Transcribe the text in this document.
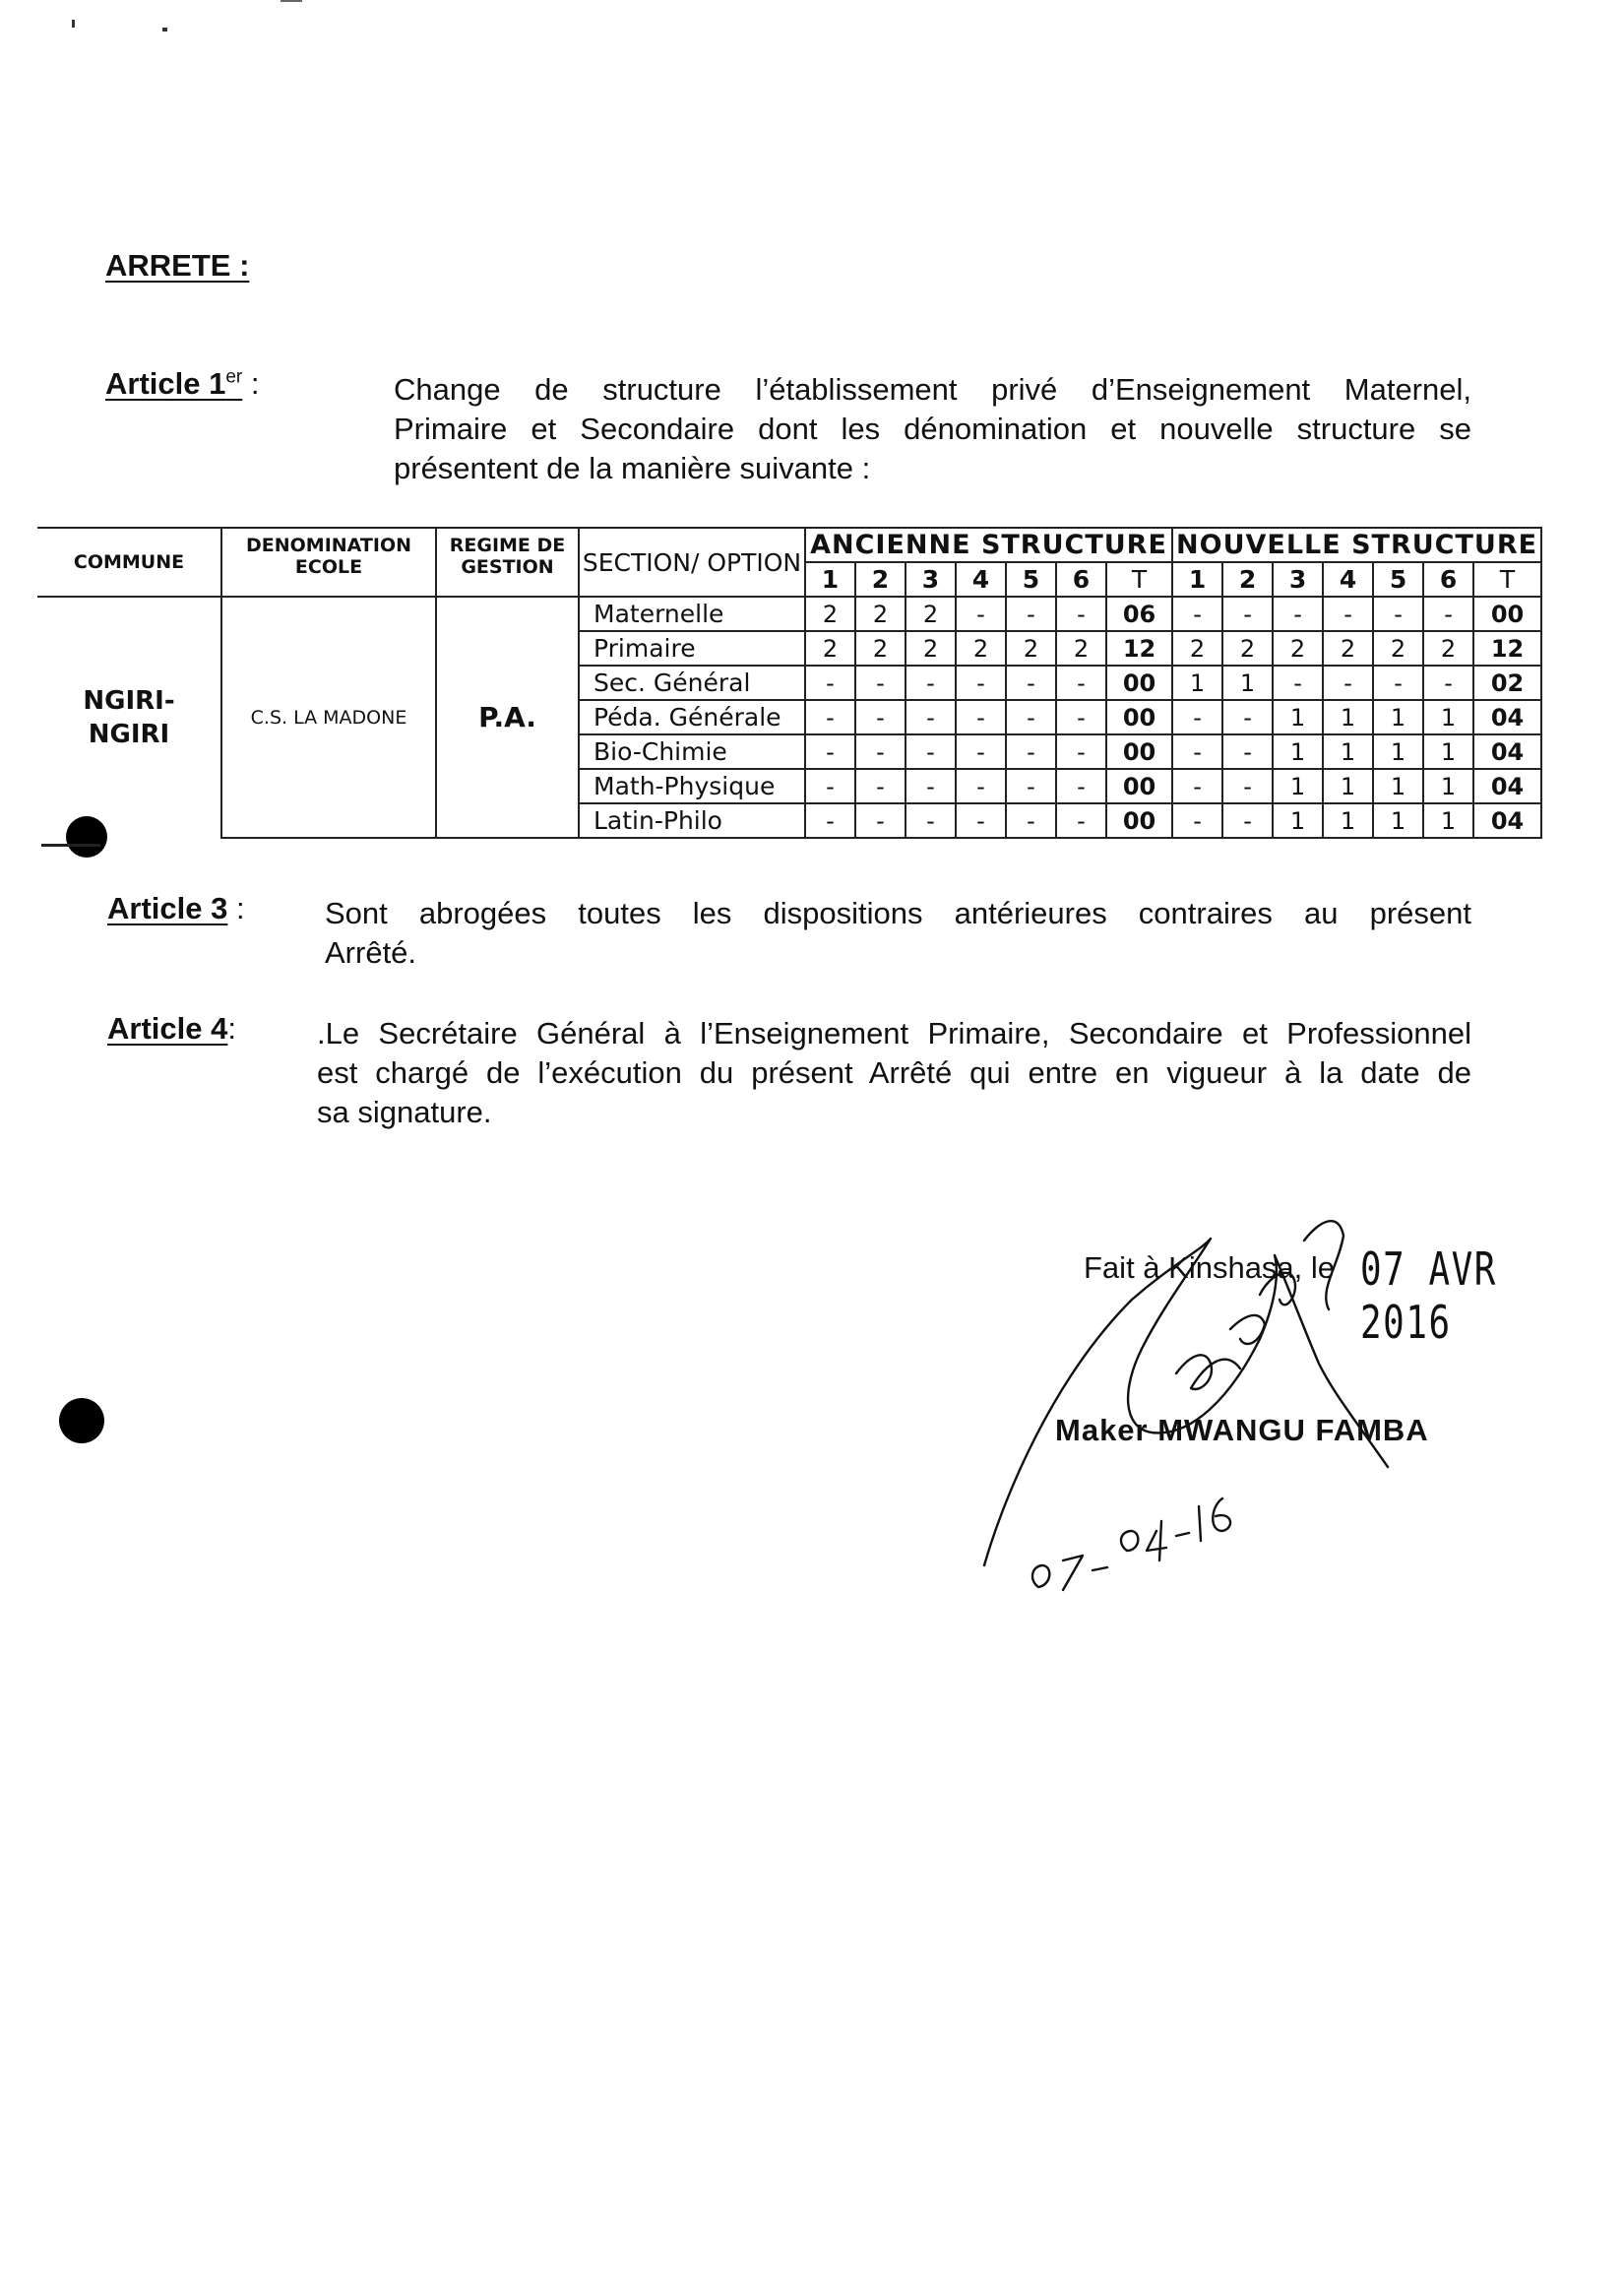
ARRETE :
Article 1er :	Change de structure l’établissement privé d’Enseignement Maternel,
Primaire et Secondaire dont les dénomination et nouvelle structure se
présentent de la manière suivante :
COMMUNE	DENOMINATION ECOLE	REGIME DE GESTION	SECTION/ OPTION	ANCIENNE STRUCTURE							NOUVELLE STRUCTURE						
				1	2	3	4	5	6	T	1	2	3	4	5	6	T
NGIRI-NGIRI	C.S. LA MADONE	P.A.	Maternelle	2	2	2	-	-	-	06	-	-	-	-	-	-	00
			Primaire	2	2	2	2	2	2	12	2	2	2	2	2	2	12
			Sec. Général	-	-	-	-	-	-	00	1	1	-	-	-	-	02
			Péda. Générale	-	-	-	-	-	-	00	-	-	1	1	1	1	04
			Bio-Chimie	-	-	-	-	-	-	00	-	-	1	1	1	1	04
			Math-Physique	-	-	-	-	-	-	00	-	-	1	1	1	1	04
			Latin-Philo	-	-	-	-	-	-	00	-	-	1	1	1	1	04
Article 3 :	Sont abrogées toutes les dispositions antérieures contraires au présent
Arrêté.
Article 4:	.Le Secrétaire Général à l’Enseignement Primaire, Secondaire et Professionnel
est chargé de l’exécution du présent Arrêté qui entre en vigueur à la date de
sa signature.
Fait à Kinshasa, le 07 AVR 2016
Maker MWANGU FAMBA
